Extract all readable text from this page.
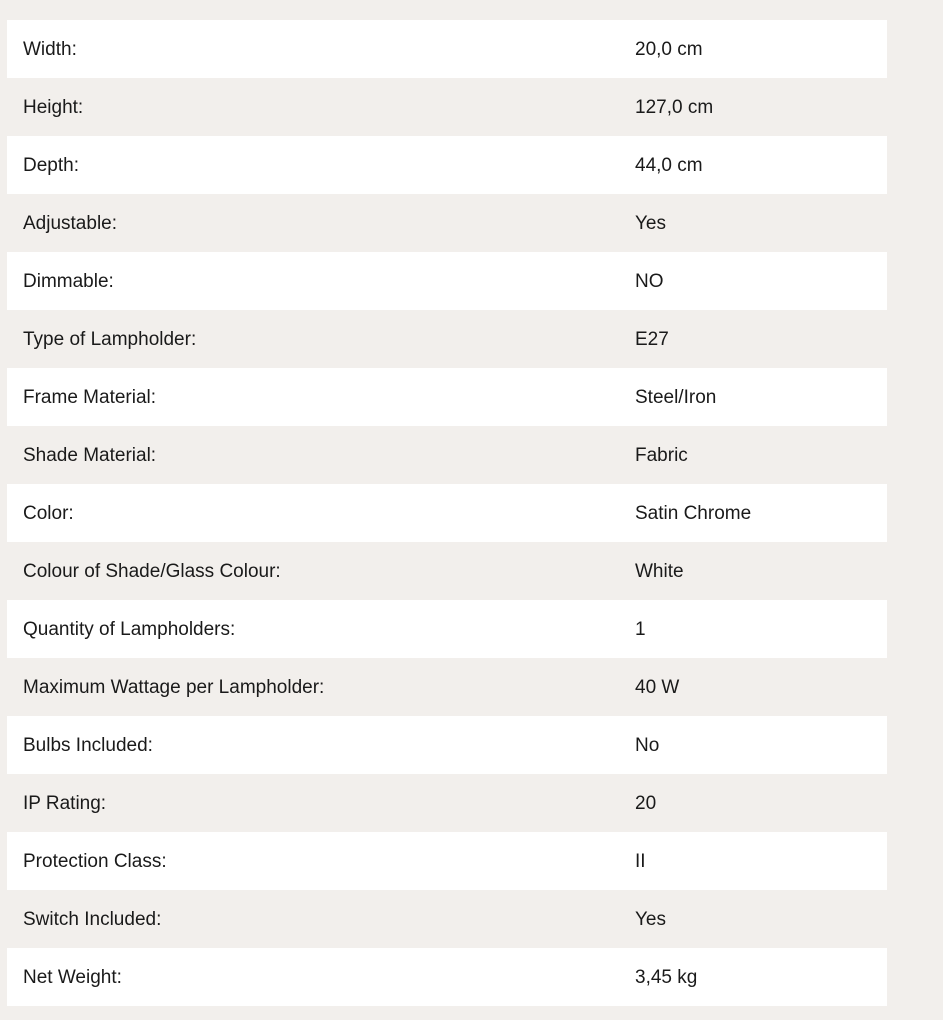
Width:	20,0 cm
Height:	127,0 cm
Depth:	44,0 cm
Adjustable:	Yes
Dimmable:	NO
Type of Lampholder:	E27
Frame Material:	Steel/Iron
Shade Material:	Fabric
Color:	Satin Chrome
Colour of Shade/Glass Colour:	White
Quantity of Lampholders:	1
Maximum Wattage per Lampholder:	40 W
Bulbs Included:	No
IP Rating:	20
Protection Class:	II
Switch Included:	Yes
Net Weight:	3,45 kg
